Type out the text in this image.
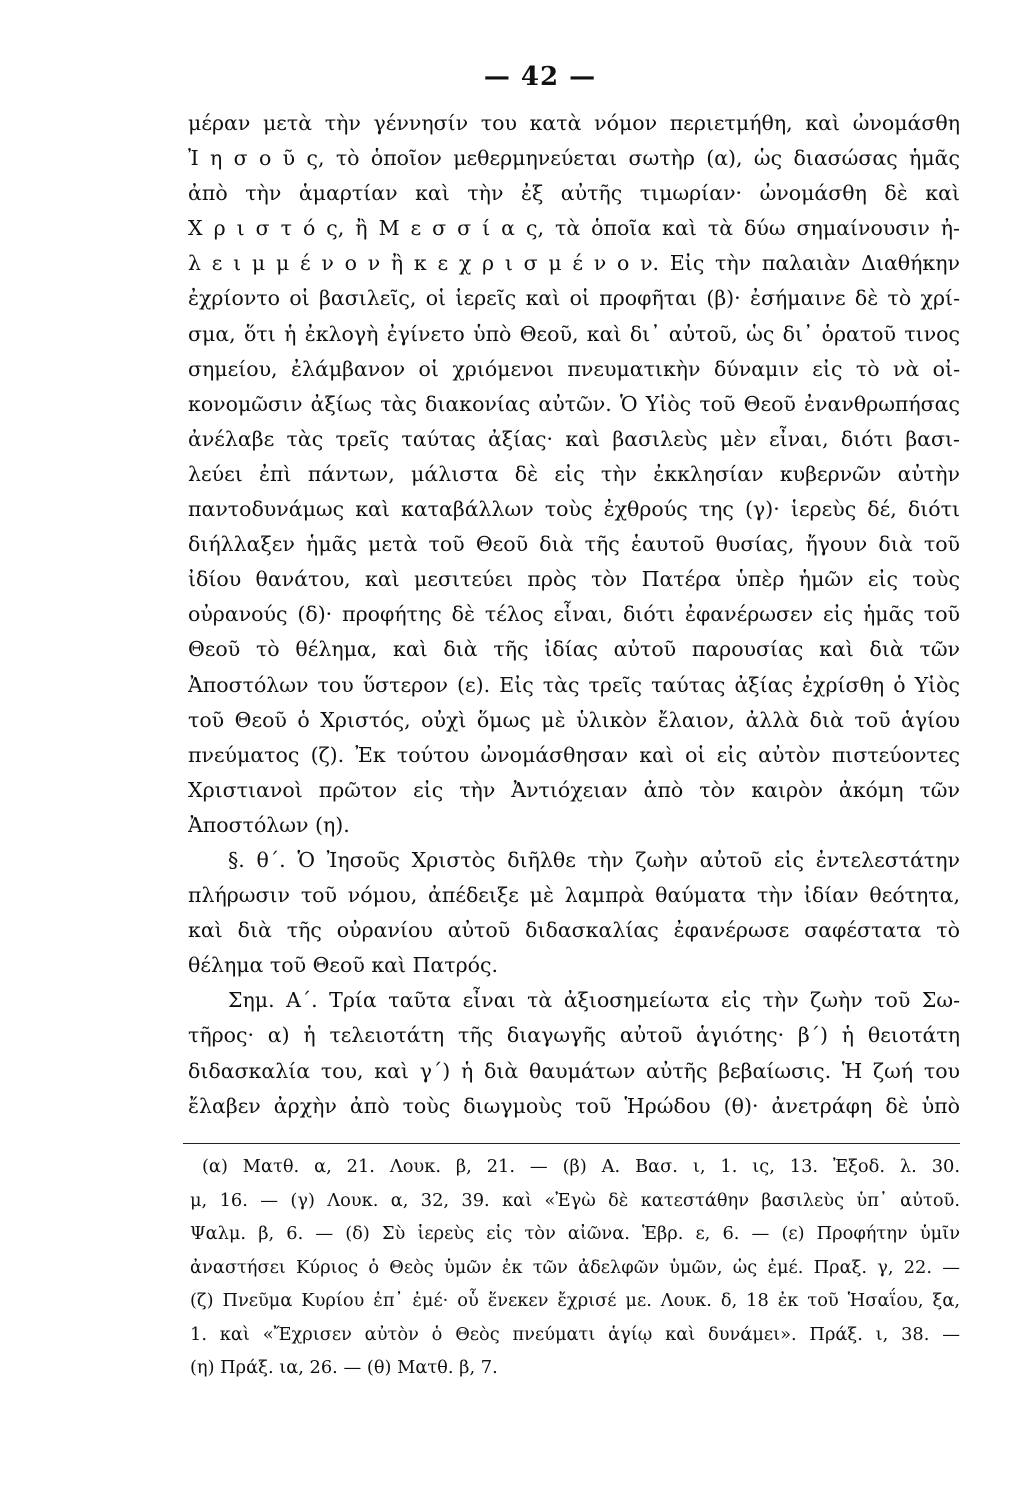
— 42 —
μέραν μετὰ τὴν γέννησίν του κατὰ νόμον περιετμήθη, καὶ ὠνομάσθη
Ἰ η σ ο ῦ ς, τὸ ὁποῖον μεθερμηνεύεται σωτὴρ (α), ὡς διασώσας ἡμᾶς
ἀπὸ τὴν ἁμαρτίαν καὶ τὴν ἐξ αὐτῆς τιμωρίαν· ὠνομάσθη δὲ καὶ
Χ ρ ι σ τ ό ς, ἢ Μ ε σ σ ί α ς, τὰ ὁποῖα καὶ τὰ δύω σημαίνουσιν ἠ-
λ ε ι μ μ έ ν ο ν ἢ κ ε χ ρ ι σ μ έ ν ο ν. Εἰς τὴν παλαιὰν Διαθήκην
ἐχρίοντο οἱ βασιλεῖς, οἱ ἱερεῖς καὶ οἱ προφῆται (β)· ἐσήμαινε δὲ τὸ χρί-
σμα, ὅτι ἡ ἐκλογὴ ἐγίνετο ὑπὸ Θεοῦ, καὶ δι᾽ αὐτοῦ, ὡς δι᾽ ὁρατοῦ τινος
σημείου, ἐλάμβανον οἱ χριόμενοι πνευματικὴν δύναμιν εἰς τὸ νὰ οἰ-
κονομῶσιν ἀξίως τὰς διακονίας αὐτῶν. Ὁ Υἱὸς τοῦ Θεοῦ ἐνανθρωπήσας
ἀνέλαβε τὰς τρεῖς ταύτας ἀξίας· καὶ βασιλεὺς μὲν εἶναι, διότι βασι-
λεύει ἐπὶ πάντων, μάλιστα δὲ εἰς τὴν ἐκκλησίαν κυβερνῶν αὐτὴν
παντοδυνάμως καὶ καταβάλλων τοὺς ἐχθρούς της (γ)· ἱερεὺς δέ, διότι
διήλλαξεν ἡμᾶς μετὰ τοῦ Θεοῦ διὰ τῆς ἑαυτοῦ θυσίας, ἤγουν διὰ τοῦ
ἰδίου θανάτου, καὶ μεσιτεύει πρὸς τὸν Πατέρα ὑπὲρ ἡμῶν εἰς τοὺς
οὐρανούς (δ)· προφήτης δὲ τέλος εἶναι, διότι ἐφανέρωσεν εἰς ἡμᾶς τοῦ
Θεοῦ τὸ θέλημα, καὶ διὰ τῆς ἰδίας αὐτοῦ παρουσίας καὶ διὰ τῶν
Ἀποστόλων του ὕστερον (ε). Εἰς τὰς τρεῖς ταύτας ἀξίας ἐχρίσθη ὁ Υἱὸς
τοῦ Θεοῦ ὁ Χριστός, οὐχὶ ὅμως μὲ ὑλικὸν ἔλαιον, ἀλλὰ διὰ τοῦ ἁγίου
πνεύματος (ζ). Ἐκ τούτου ὠνομάσθησαν καὶ οἱ εἰς αὐτὸν πιστεύοντες
Χριστιανοὶ πρῶτον εἰς τὴν Ἀντιόχειαν ἀπὸ τὸν καιρὸν ἀκόμη τῶν
Ἀποστόλων (η).
§. θ΄. Ὁ Ἰησοῦς Χριστὸς διῆλθε τὴν ζωὴν αὐτοῦ εἰς ἐντελεστάτην
πλήρωσιν τοῦ νόμου, ἀπέδειξε μὲ λαμπρὰ θαύματα τὴν ἰδίαν θεότητα,
καὶ διὰ τῆς οὐρανίου αὐτοῦ διδασκαλίας ἐφανέρωσε σαφέστατα τὸ
θέλημα τοῦ Θεοῦ καὶ Πατρός.
Σημ. Α΄. Τρία ταῦτα εἶναι τὰ ἀξιοσημείωτα εἰς τὴν ζωὴν τοῦ Σω-
τῆρος· α) ἡ τελειοτάτη τῆς διαγωγῆς αὐτοῦ ἁγιότης· β΄) ἡ θειοτάτη
διδασκαλία του, καὶ γ΄) ἡ διὰ θαυμάτων αὐτῆς βεβαίωσις. Ἡ ζωή του
ἔλαβεν ἀρχὴν ἀπὸ τοὺς διωγμοὺς τοῦ Ἡρώδου (θ)· ἀνετράφη δὲ ὑπὸ
(α) Ματθ. α, 21. Λουκ. β, 21. — (β) Α. Βασ. ι, 1. ις, 13. Ἐξοδ. λ. 30.
μ, 16. — (γ) Λουκ. α, 32, 39. καὶ «Ἐγὼ δὲ κατεστάθην βασιλεὺς ὑπ᾽ αὐτοῦ.
Ψαλμ. β, 6. — (δ) Σὺ ἱερεὺς εἰς τὸν αἰῶνα. Ἑβρ. ε, 6. — (ε) Προφήτην ὑμῖν
ἀναστήσει Κύριος ὁ Θεὸς ὑμῶν ἐκ τῶν ἀδελφῶν ὑμῶν, ὡς ἐμέ. Πραξ. γ, 22. —
(ζ) Πνεῦμα Κυρίου ἐπ᾽ ἐμέ· οὗ ἕνεκεν ἔχρισέ με. Λουκ. δ, 18 ἐκ τοῦ Ἡσαΐου, ξα,
1. καὶ «Ἔχρισεν αὐτὸν ὁ Θεὸς πνεύματι ἁγίῳ καὶ δυνάμει». Πράξ. ι, 38. —
(η) Πράξ. ια, 26. — (θ) Ματθ. β, 7.
